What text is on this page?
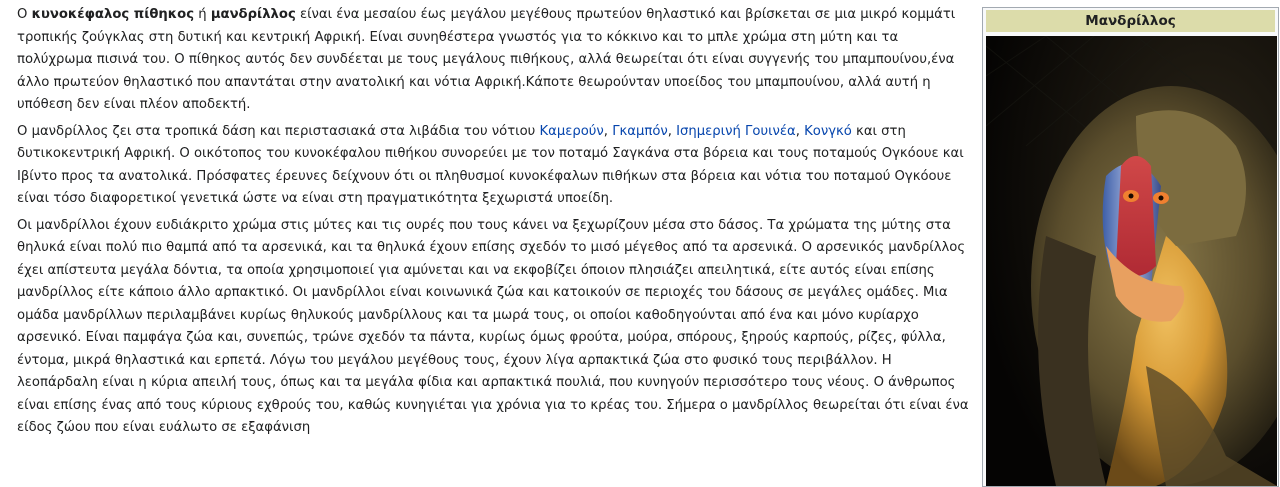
Ο κυνοκέφαλος πίθηκος ή μανδρίλλος είναι ένα μεσαίου έως μεγάλου μεγέθους πρωτεύον θηλαστικό και βρίσκεται σε μια μικρό κομμάτι τροπικής ζούγκλας στη δυτική και κεντρική Αφρική. Είναι συνηθέστερα γνωστός για το κόκκινο και το μπλε χρώμα στη μύτη και τα πολύχρωμα πισινά του. Ο πίθηκος αυτός δεν συνδέεται με τους μεγάλους πιθήκους, αλλά θεωρείται ότι είναι συγγενής του μπαμπουίνου,ένα άλλο πρωτεύον θηλαστικό που απαντάται στην ανατολική και νότια Αφρική.Κάποτε θεωρούνταν υποείδος του μπαμπουίνου, αλλά αυτή η υπόθεση δεν είναι πλέον αποδεκτή.

Ο μανδρίλλος ζει στα τροπικά δάση και περιστασιακά στα λιβάδια του νότιου Καμερούν, Γκαμπόν, Ισημερινή Γουινέα, Κονγκό και στη δυτικοκεντρική Αφρική. Ο οικότοπος του κυνοκέφαλου πιθήκου συνορεύει με τον ποταμό Σαγκάνα στα βόρεια και τους ποταμούς Ογκόουε και Ιβίντο προς τα ανατολικά. Πρόσφατες έρευνες δείχνουν ότι οι πληθυσμοί κυνοκέφαλων πιθήκων στα βόρεια και νότια του ποταμού Ογκόουε είναι τόσο διαφορετικοί γενετικά ώστε να είναι στη πραγματικότητα ξεχωριστά υποείδη.

Οι μανδρίλλοι έχουν ευδιάκριτο χρώμα στις μύτες και τις ουρές που τους κάνει να ξεχωρίζουν μέσα στο δάσος. Τα χρώματα της μύτης στα θηλυκά είναι πολύ πιο θαμπά από τα αρσενικά, και τα θηλυκά έχουν επίσης σχεδόν το μισό μέγεθος από τα αρσενικά. Ο αρσενικός μανδρίλλος έχει απίστευτα μεγάλα δόντια, τα οποία χρησιμοποιεί για αμύνεται και να εκφοβίζει όποιον πλησιάζει απειλητικά, είτε αυτός είναι επίσης μανδρίλλος είτε κάποιο άλλο αρπακτικό. Οι μανδρίλλοι είναι κοινωνικά ζώα και κατοικούν σε περιοχές του δάσους σε μεγάλες ομάδες. Μια ομάδα μανδρίλλων περιλαμβάνει κυρίως θηλυκούς μανδρίλλους και τα μωρά τους, οι οποίοι καθοδηγούνται από ένα και μόνο κυρίαρχο αρσενικό. Είναι παμφάγα ζώα και, συνεπώς, τρώνε σχεδόν τα πάντα, κυρίως όμως φρούτα, μούρα, σπόρους, ξηρούς καρπούς, ρίζες, φύλλα, έντομα, μικρά θηλαστικά και ερπετά. Λόγω του μεγάλου μεγέθους τους, έχουν λίγα αρπακτικά ζώα στο φυσικό τους περιβάλλον. Η λεοπάρδαλη είναι η κύρια απειλή τους, όπως και τα μεγάλα φίδια και αρπακτικά πουλιά, που κυνηγούν περισσότερο τους νέους. Ο άνθρωπος είναι επίσης ένας από τους κύριους εχθρούς του, καθώς κυνηγιέται για χρόνια για το κρέας του. Σήμερα ο μανδρίλλος θεωρείται ότι είναι ένα είδος ζώου που είναι ευάλωτο σε εξαφάνιση

Μανδρίλλος
